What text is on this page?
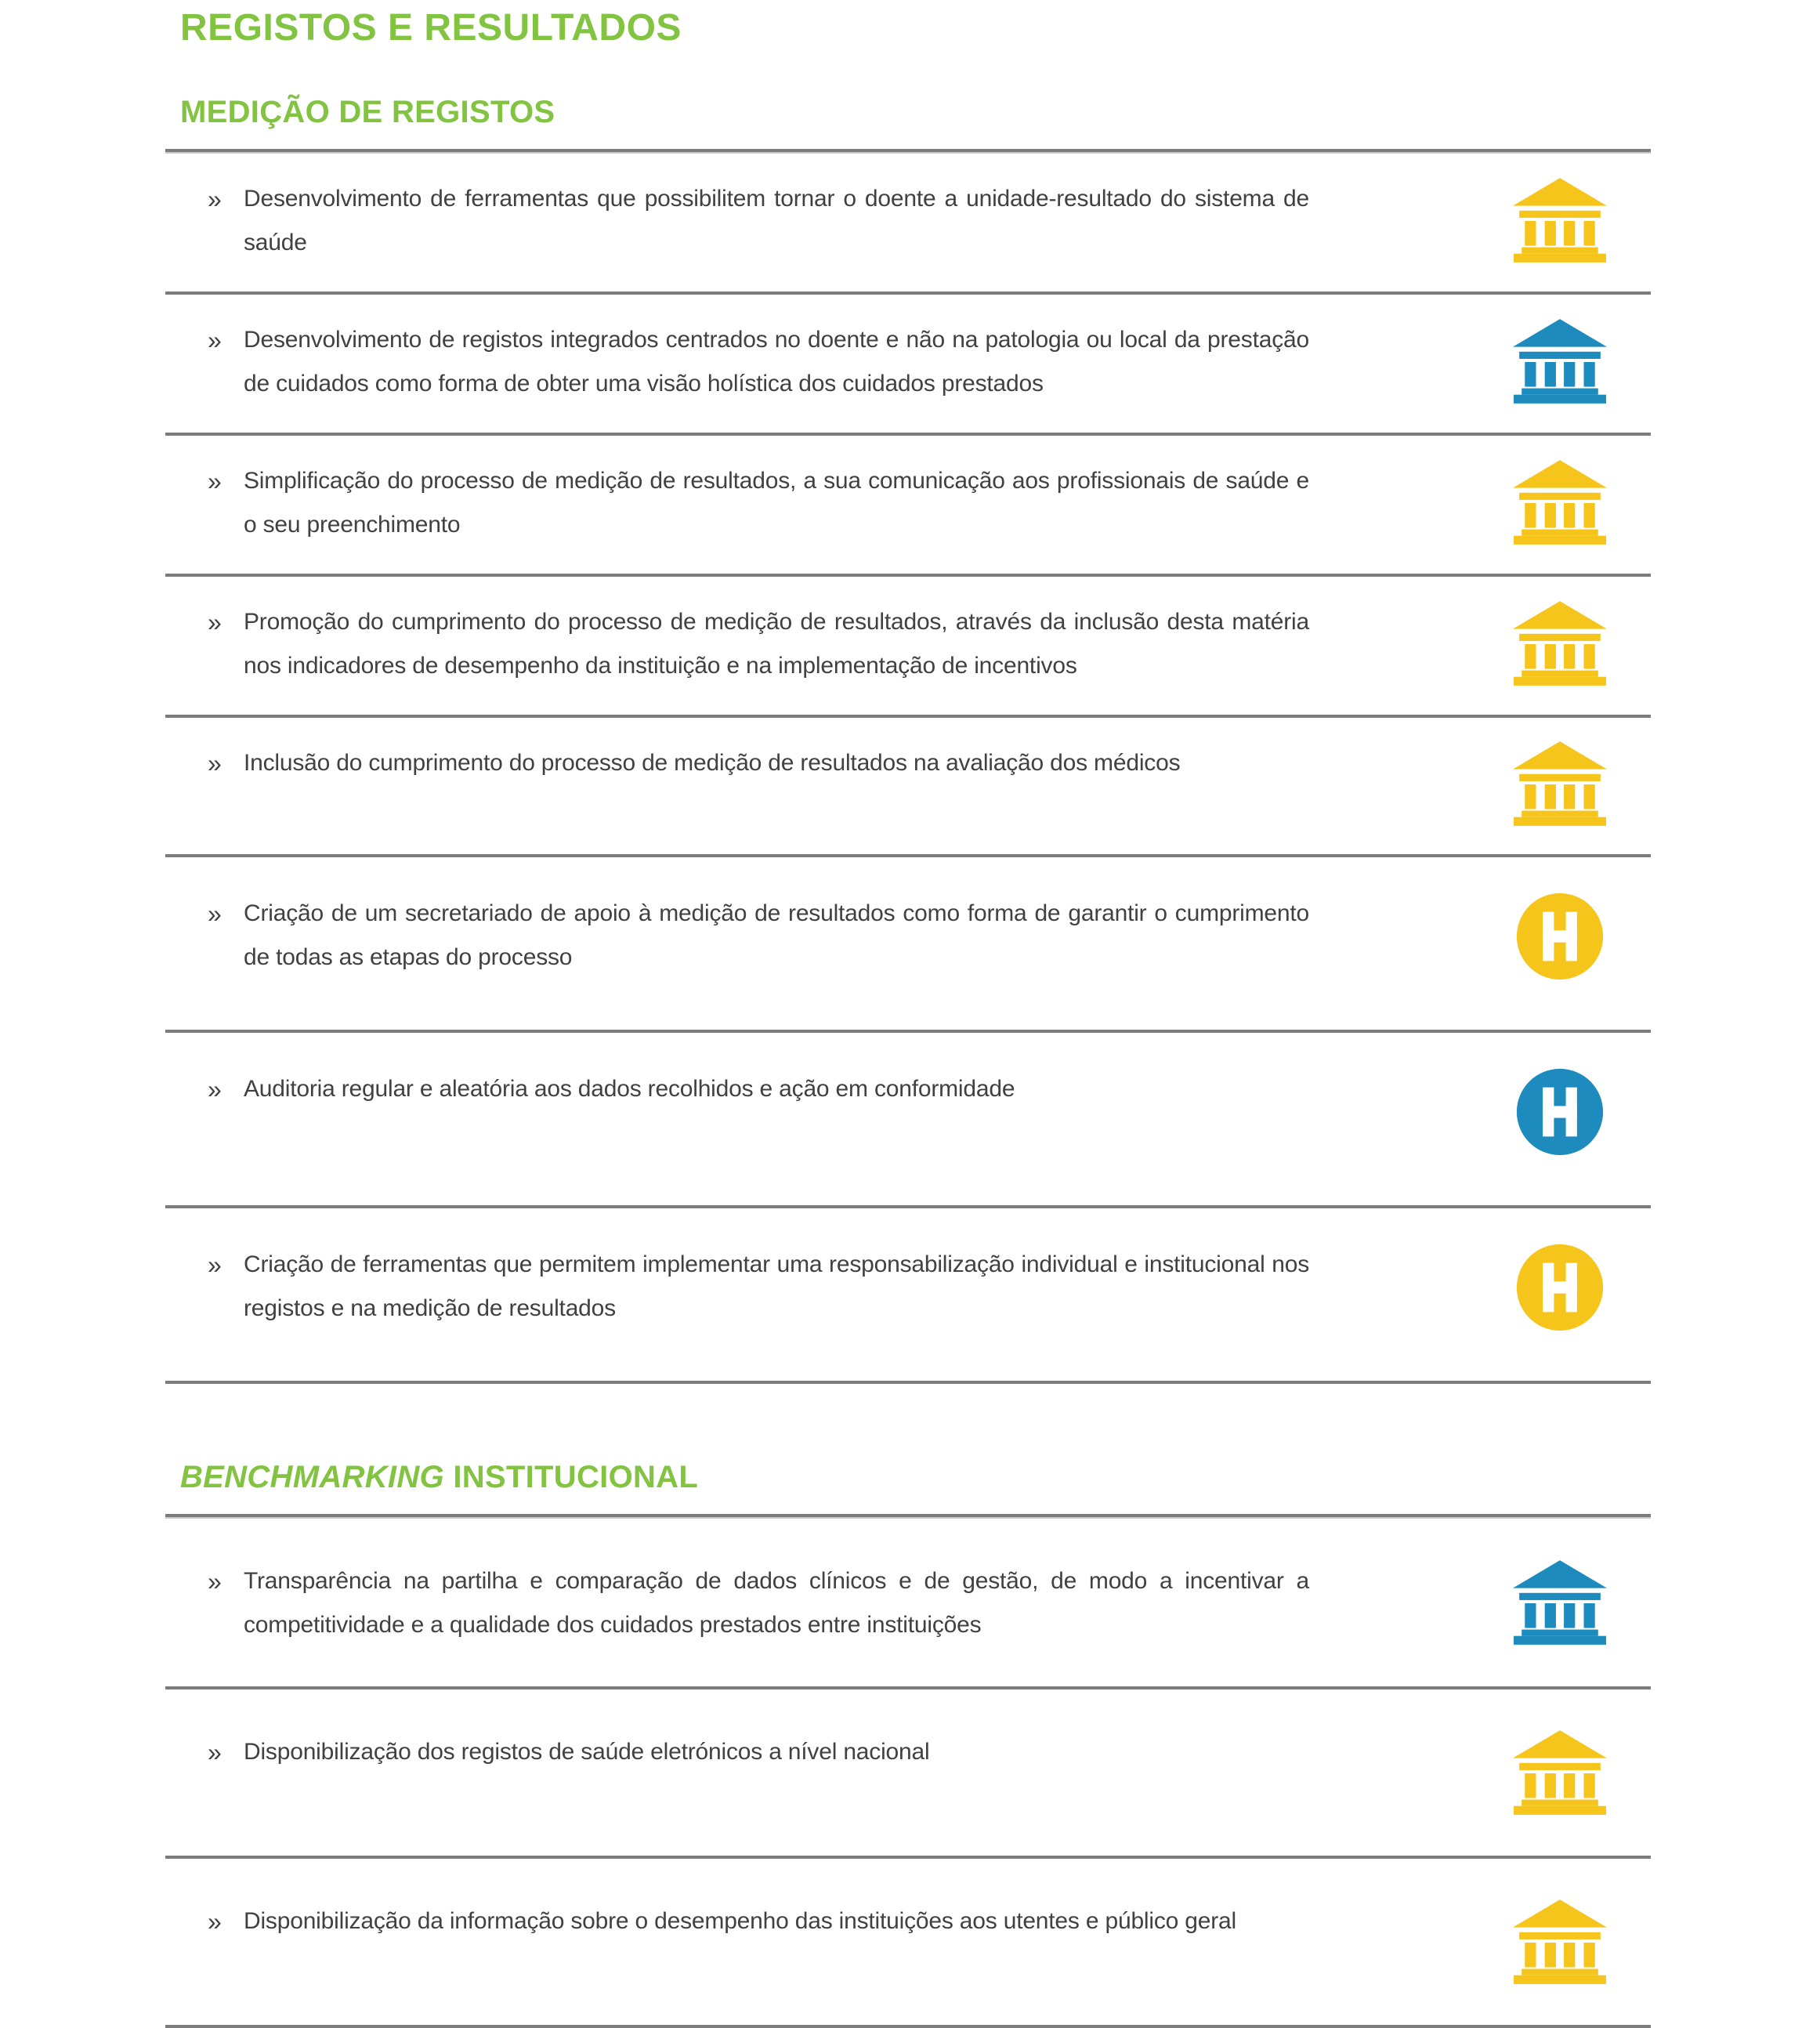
REGISTOS E RESULTADOS
MEDIÇÃO DE REGISTOS
» Desenvolvimento de ferramentas que possibilitem tornar o doente a unidade-resultado do sistema de saúde

» Desenvolvimento de registos integrados centrados no doente e não na patologia ou local da prestação de cuidados como forma de obter uma visão holística dos cuidados prestados

» Simplificação do processo de medição de resultados, a sua comunicação aos profissionais de saúde e o seu preenchimento

» Promoção do cumprimento do processo de medição de resultados, através da inclusão desta matéria nos indicadores de desempenho da instituição e na implementação de incentivos

» Inclusão do cumprimento do processo de medição de resultados na avaliação dos médicos

» Criação de um secretariado de apoio à medição de resultados como forma de garantir o cumprimento de todas as etapas do processo

» Auditoria regular e aleatória aos dados recolhidos e ação em conformidade

» Criação de ferramentas que permitem implementar uma responsabilização individual e institucional nos registos e na medição de resultados

BENCHMARKING INSTITUCIONAL
» Transparência na partilha e comparação de dados clínicos e de gestão, de modo a incentivar a competitividade e a qualidade dos cuidados prestados entre instituições

» Disponibilização dos registos de saúde eletrónicos a nível nacional

» Disponibilização da informação sobre o desempenho das instituições aos utentes e público geral
